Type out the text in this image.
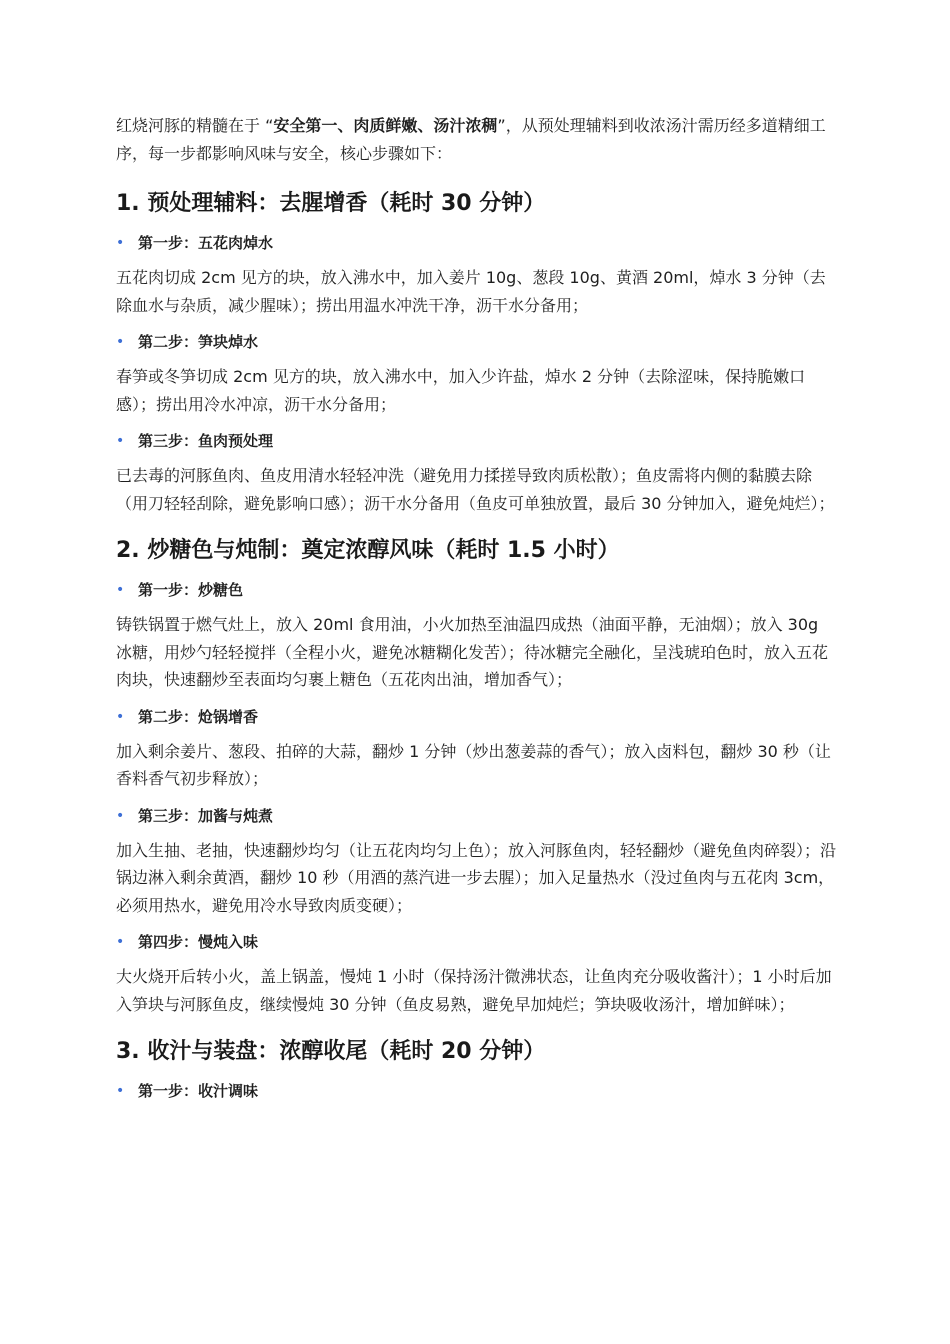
红烧河豚的精髓在于 “安全第一、肉质鲜嫩、汤汁浓稠”，从预处理辅料到收浓汤汁需历经多道精细工序，每一步都影响风味与安全，核心步骤如下：

1. 预处理辅料：去腥增香（耗时 30 分钟）
• 第一步：五花肉焯水

五花肉切成 2cm 见方的块，放入沸水中，加入姜片 10g、葱段 10g、黄酒 20ml，焯水 3 分钟（去除血水与杂质，减少腥味）；捞出用温水冲洗干净，沥干水分备用；

• 第二步：笋块焯水

春笋或冬笋切成 2cm 见方的块，放入沸水中，加入少许盐，焯水 2 分钟（去除涩味，保持脆嫩口感）；捞出用冷水冲凉，沥干水分备用；

• 第三步：鱼肉预处理

已去毒的河豚鱼肉、鱼皮用清水轻轻冲洗（避免用力揉搓导致肉质松散）；鱼皮需将内侧的黏膜去除（用刀轻轻刮除，避免影响口感）；沥干水分备用（鱼皮可单独放置，最后 30 分钟加入，避免炖烂）；

2. 炒糖色与炖制：奠定浓醇风味（耗时 1.5 小时）
• 第一步：炒糖色

铸铁锅置于燃气灶上，放入 20ml 食用油，小火加热至油温四成热（油面平静，无油烟）；放入 30g 冰糖，用炒勺轻轻搅拌（全程小火，避免冰糖糊化发苦）；待冰糖完全融化，呈浅琥珀色时，放入五花肉块，快速翻炒至表面均匀裹上糖色（五花肉出油，增加香气）；

• 第二步：炝锅增香

加入剩余姜片、葱段、拍碎的大蒜，翻炒 1 分钟（炒出葱姜蒜的香气）；放入卤料包，翻炒 30 秒（让香料香气初步释放）；

• 第三步：加酱与炖煮

加入生抽、老抽，快速翻炒均匀（让五花肉均匀上色）；放入河豚鱼肉，轻轻翻炒（避免鱼肉碎裂）；沿锅边淋入剩余黄酒，翻炒 10 秒（用酒的蒸汽进一步去腥）；加入足量热水（没过鱼肉与五花肉 3cm，必须用热水，避免用冷水导致肉质变硬）；

• 第四步：慢炖入味

大火烧开后转小火，盖上锅盖，慢炖 1 小时（保持汤汁微沸状态，让鱼肉充分吸收酱汁）；1 小时后加入笋块与河豚鱼皮，继续慢炖 30 分钟（鱼皮易熟，避免早加炖烂；笋块吸收汤汁，增加鲜味）；

3. 收汁与装盘：浓醇收尾（耗时 20 分钟）
• 第一步：收汁调味
